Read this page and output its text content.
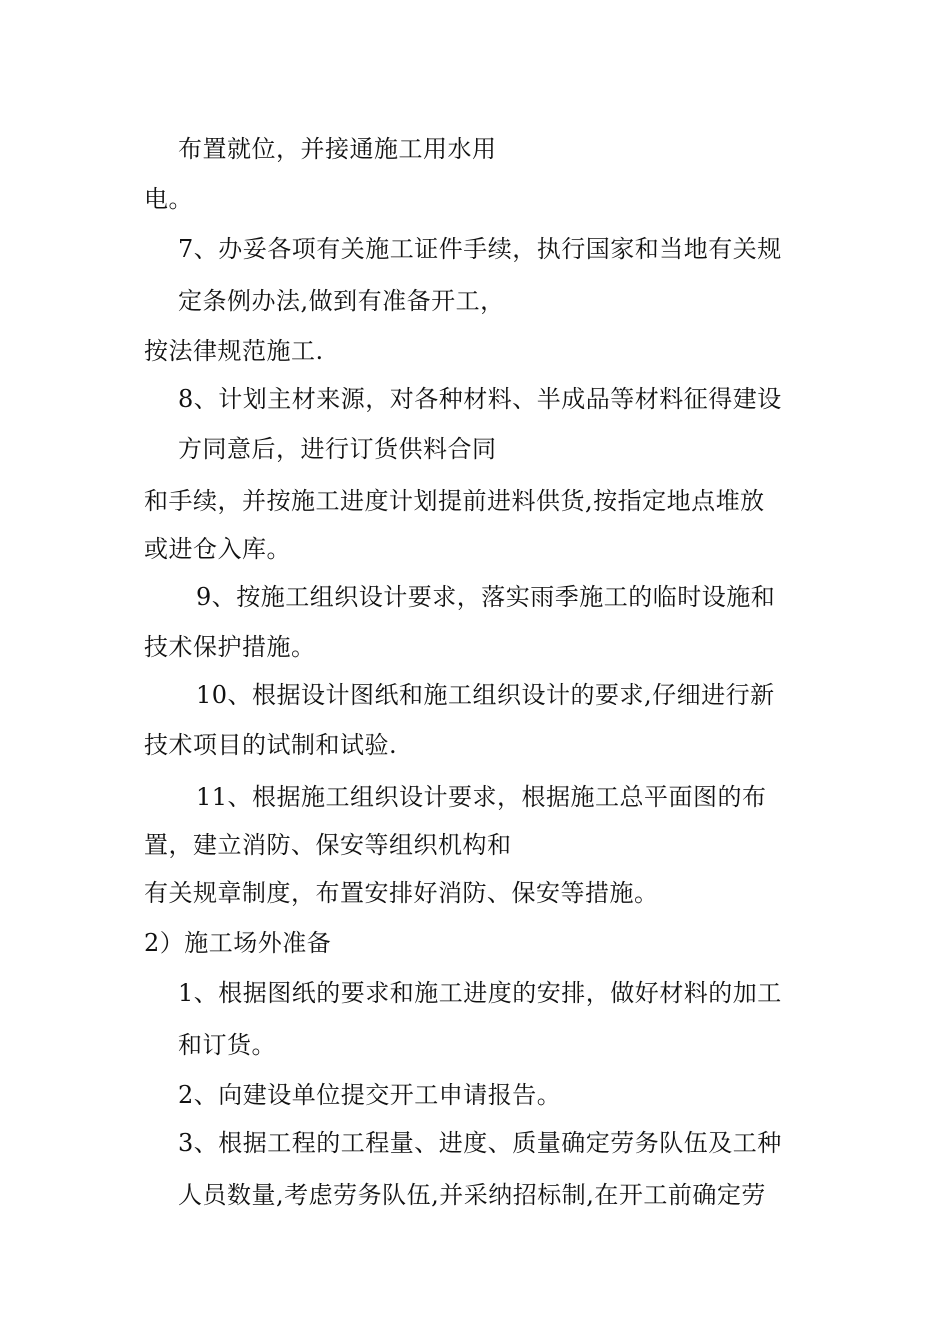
布置就位，并接通施工用水用
电。
7、办妥各项有关施工证件手续，执行国家和当地有关规
定条例办法,做到有准备开工，
按法律规范施工.
8、计划主材来源，对各种材料、半成品等材料征得建设
方同意后，进行订货供料合同
和手续，并按施工进度计划提前进料供货,按指定地点堆放
或进仓入库。
9、按施工组织设计要求，落实雨季施工的临时设施和
技术保护措施。
10、根据设计图纸和施工组织设计的要求,仔细进行新
技术项目的试制和试验.
11、根据施工组织设计要求，根据施工总平面图的布
置，建立消防、保安等组织机构和
有关规章制度，布置安排好消防、保安等措施。
2）施工场外准备
1、根据图纸的要求和施工进度的安排，做好材料的加工
和订货。
2、向建设单位提交开工申请报告。
3、根据工程的工程量、进度、质量确定劳务队伍及工种
人员数量,考虑劳务队伍,并采纳招标制,在开工前确定劳
